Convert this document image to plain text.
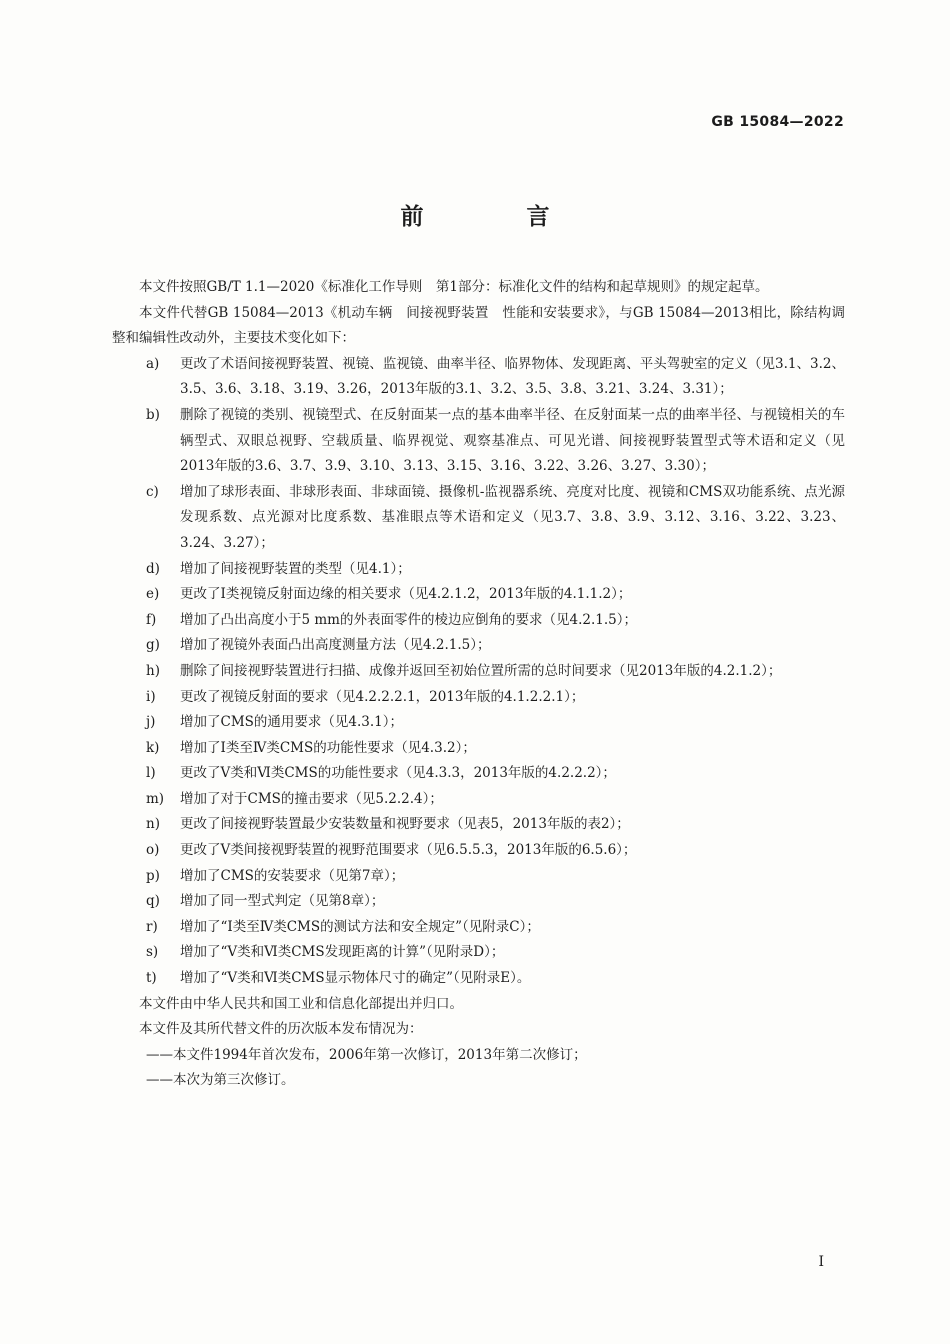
GB 15084—2022
前　言

本文件按照GB/T 1.1—2020《标准化工作导则　第1部分：标准化文件的结构和起草规则》的规定起草。

本文件代替GB 15084—2013《机动车辆　间接视野装置　性能和安装要求》，与GB 15084—2013相比，除结构调整和编辑性改动外，主要技术变化如下：

a)	更改了术语间接视野装置、视镜、监视镜、曲率半径、临界物体、发现距离、平头驾驶室的定义（见3.1、3.2、3.5、3.6、3.18、3.19、3.26，2013年版的3.1、3.2、3.5、3.8、3.21、3.24、3.31）；
b)	删除了视镜的类别、视镜型式、在反射面某一点的基本曲率半径、在反射面某一点的曲率半径、与视镜相关的车辆型式、双眼总视野、空载质量、临界视觉、观察基准点、可见光谱、间接视野装置型式等术语和定义（见2013年版的3.6、3.7、3.9、3.10、3.13、3.15、3.16、3.22、3.26、3.27、3.30）；
c)	增加了球形表面、非球形表面、非球面镜、摄像机-监视器系统、亮度对比度、视镜和CMS双功能系统、点光源发现系数、点光源对比度系数、基准眼点等术语和定义（见3.7、3.8、3.9、3.12、3.16、3.22、3.23、3.24、3.27）；
d)	增加了间接视野装置的类型（见4.1）；
e)	更改了Ⅰ类视镜反射面边缘的相关要求（见4.2.1.2，2013年版的4.1.1.2）；
f)	增加了凸出高度小于5 mm的外表面零件的棱边应倒角的要求（见4.2.1.5）；
g)	增加了视镜外表面凸出高度测量方法（见4.2.1.5）；
h)	删除了间接视野装置进行扫描、成像并返回至初始位置所需的总时间要求（见2013年版的4.2.1.2）；
i)	更改了视镜反射面的要求（见4.2.2.2.1，2013年版的4.1.2.2.1）；
j)	增加了CMS的通用要求（见4.3.1）；
k)	增加了Ⅰ类至Ⅳ类CMS的功能性要求（见4.3.2）；
l)	更改了Ⅴ类和Ⅵ类CMS的功能性要求（见4.3.3，2013年版的4.2.2.2）；
m)	增加了对于CMS的撞击要求（见5.2.2.4）；
n)	更改了间接视野装置最少安装数量和视野要求（见表5，2013年版的表2）；
o)	更改了Ⅴ类间接视野装置的视野范围要求（见6.5.5.3，2013年版的6.5.6）；
p)	增加了CMS的安装要求（见第7章）；
q)	增加了同一型式判定（见第8章）；
r)	增加了“Ⅰ类至Ⅳ类CMS的测试方法和安全规定”（见附录C）；
s)	增加了“Ⅴ类和Ⅵ类CMS发现距离的计算”（见附录D）；
t)	增加了“Ⅴ类和Ⅵ类CMS显示物体尺寸的确定”（见附录E）。

本文件由中华人民共和国工业和信息化部提出并归口。

本文件及其所代替文件的历次版本发布情况为：

——本文件1994年首次发布，2006年第一次修订，2013年第二次修订；

——本次为第三次修订。

Ⅰ
